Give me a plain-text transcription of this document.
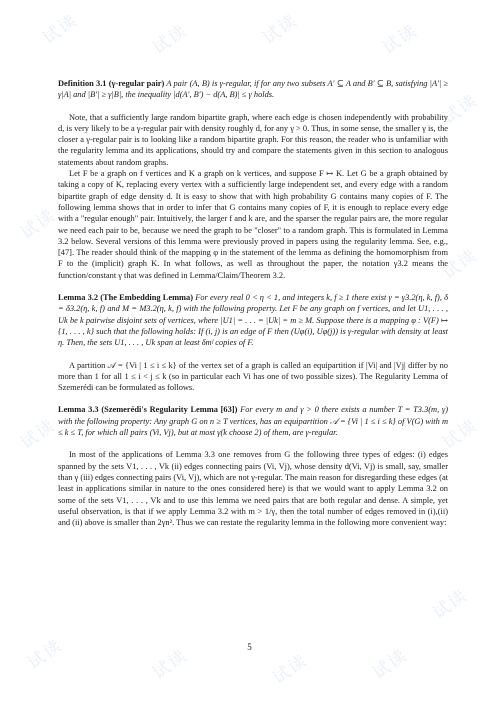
试读	试读	试读	试读
试读
试读
试读
试读
试读
试读
试读	试读	试读	试读

Definition 3.1 (γ-regular pair) A pair (A, B) is γ-regular, if for any two subsets A′ ⊆ A and B′ ⊆ B, satisfying |A′| ≥ γ|A| and |B′| ≥ γ|B|, the inequality |d(A′, B′) − d(A, B)| ≤ γ holds.

Note, that a sufficiently large random bipartite graph, where each edge is chosen independently with probability d, is very likely to be a γ-regular pair with density roughly d, for any γ > 0. Thus, in some sense, the smaller γ is, the closer a γ-regular pair is to looking like a random bipartite graph. For this reason, the reader who is unfamiliar with the regularity lemma and its applications, should try and compare the statements given in this section to analogous statements about random graphs.

Let F be a graph on f vertices and K a graph on k vertices, and suppose F ↦ K. Let G be a graph obtained by taking a copy of K, replacing every vertex with a sufficiently large independent set, and every edge with a random bipartite graph of edge density d. It is easy to show that with high probability G contains many copies of F. The following lemma shows that in order to infer that G contains many copies of F, it is enough to replace every edge with a "regular enough" pair. Intuitively, the larger f and k are, and the sparser the regular pairs are, the more regular we need each pair to be, because we need the graph to be "closer" to a random graph. This is formulated in Lemma 3.2 below. Several versions of this lemma were previously proved in papers using the regularity lemma. See, e.g., [47]. The reader should think of the mapping φ in the statement of the lemma as defining the homomorphism from F to the (implicit) graph K. In what follows, as well as throughout the paper, the notation γ3.2 means the function/constant γ that was defined in Lemma/Claim/Theorem 3.2.

Lemma 3.2 (The Embedding Lemma) For every real 0 < η < 1, and integers k, f ≥ 1 there exist γ = γ3.2(η, k, f), δ = δ3.2(η, k, f) and M = M3.2(η, k, f) with the following property. Let F be any graph on f vertices, and let U1, . . . , Uk be k pairwise disjoint sets of vertices, where |U1| = . . . = |Uk| = m ≥ M. Suppose there is a mapping φ : V(F) ↦ {1, . . . , k} such that the following holds: If (i, j) is an edge of F then (Uφ(i), Uφ(j)) is γ-regular with density at least η. Then, the sets U1, . . . , Uk span at least δmᶠ copies of F.

A partition 𝒜 = {Vi | 1 ≤ i ≤ k} of the vertex set of a graph is called an equipartition if |Vi| and |Vj| differ by no more than 1 for all 1 ≤ i < j ≤ k (so in particular each Vi has one of two possible sizes). The Regularity Lemma of Szemerédi can be formulated as follows.

Lemma 3.3 (Szemerédi's Regularity Lemma [63]) For every m and γ > 0 there exists a number T = T3.3(m, γ) with the following property: Any graph G on n ≥ T vertices, has an equipartition 𝒜 = {Vi | 1 ≤ i ≤ k} of V(G) with m ≤ k ≤ T, for which all pairs (Vi, Vj), but at most γ(k choose 2) of them, are γ-regular.

In most of the applications of Lemma 3.3 one removes from G the following three types of edges: (i) edges spanned by the sets V1, . . . , Vk (ii) edges connecting pairs (Vi, Vj), whose density d(Vi, Vj) is small, say, smaller than γ (iii) edges connecting pairs (Vi, Vj), which are not γ-regular. The main reason for disregarding these edges (at least in applications similar in nature to the ones considered here) is that we would want to apply Lemma 3.2 on some of the sets V1, . . . , Vk and to use this lemma we need pairs that are both regular and dense. A simple, yet useful observation, is that if we apply Lemma 3.2 with m > 1/γ, then the total number of edges removed in (i),(ii) and (ii) above is smaller than 2γn². Thus we can restate the regularity lemma in the following more convenient way:

5
